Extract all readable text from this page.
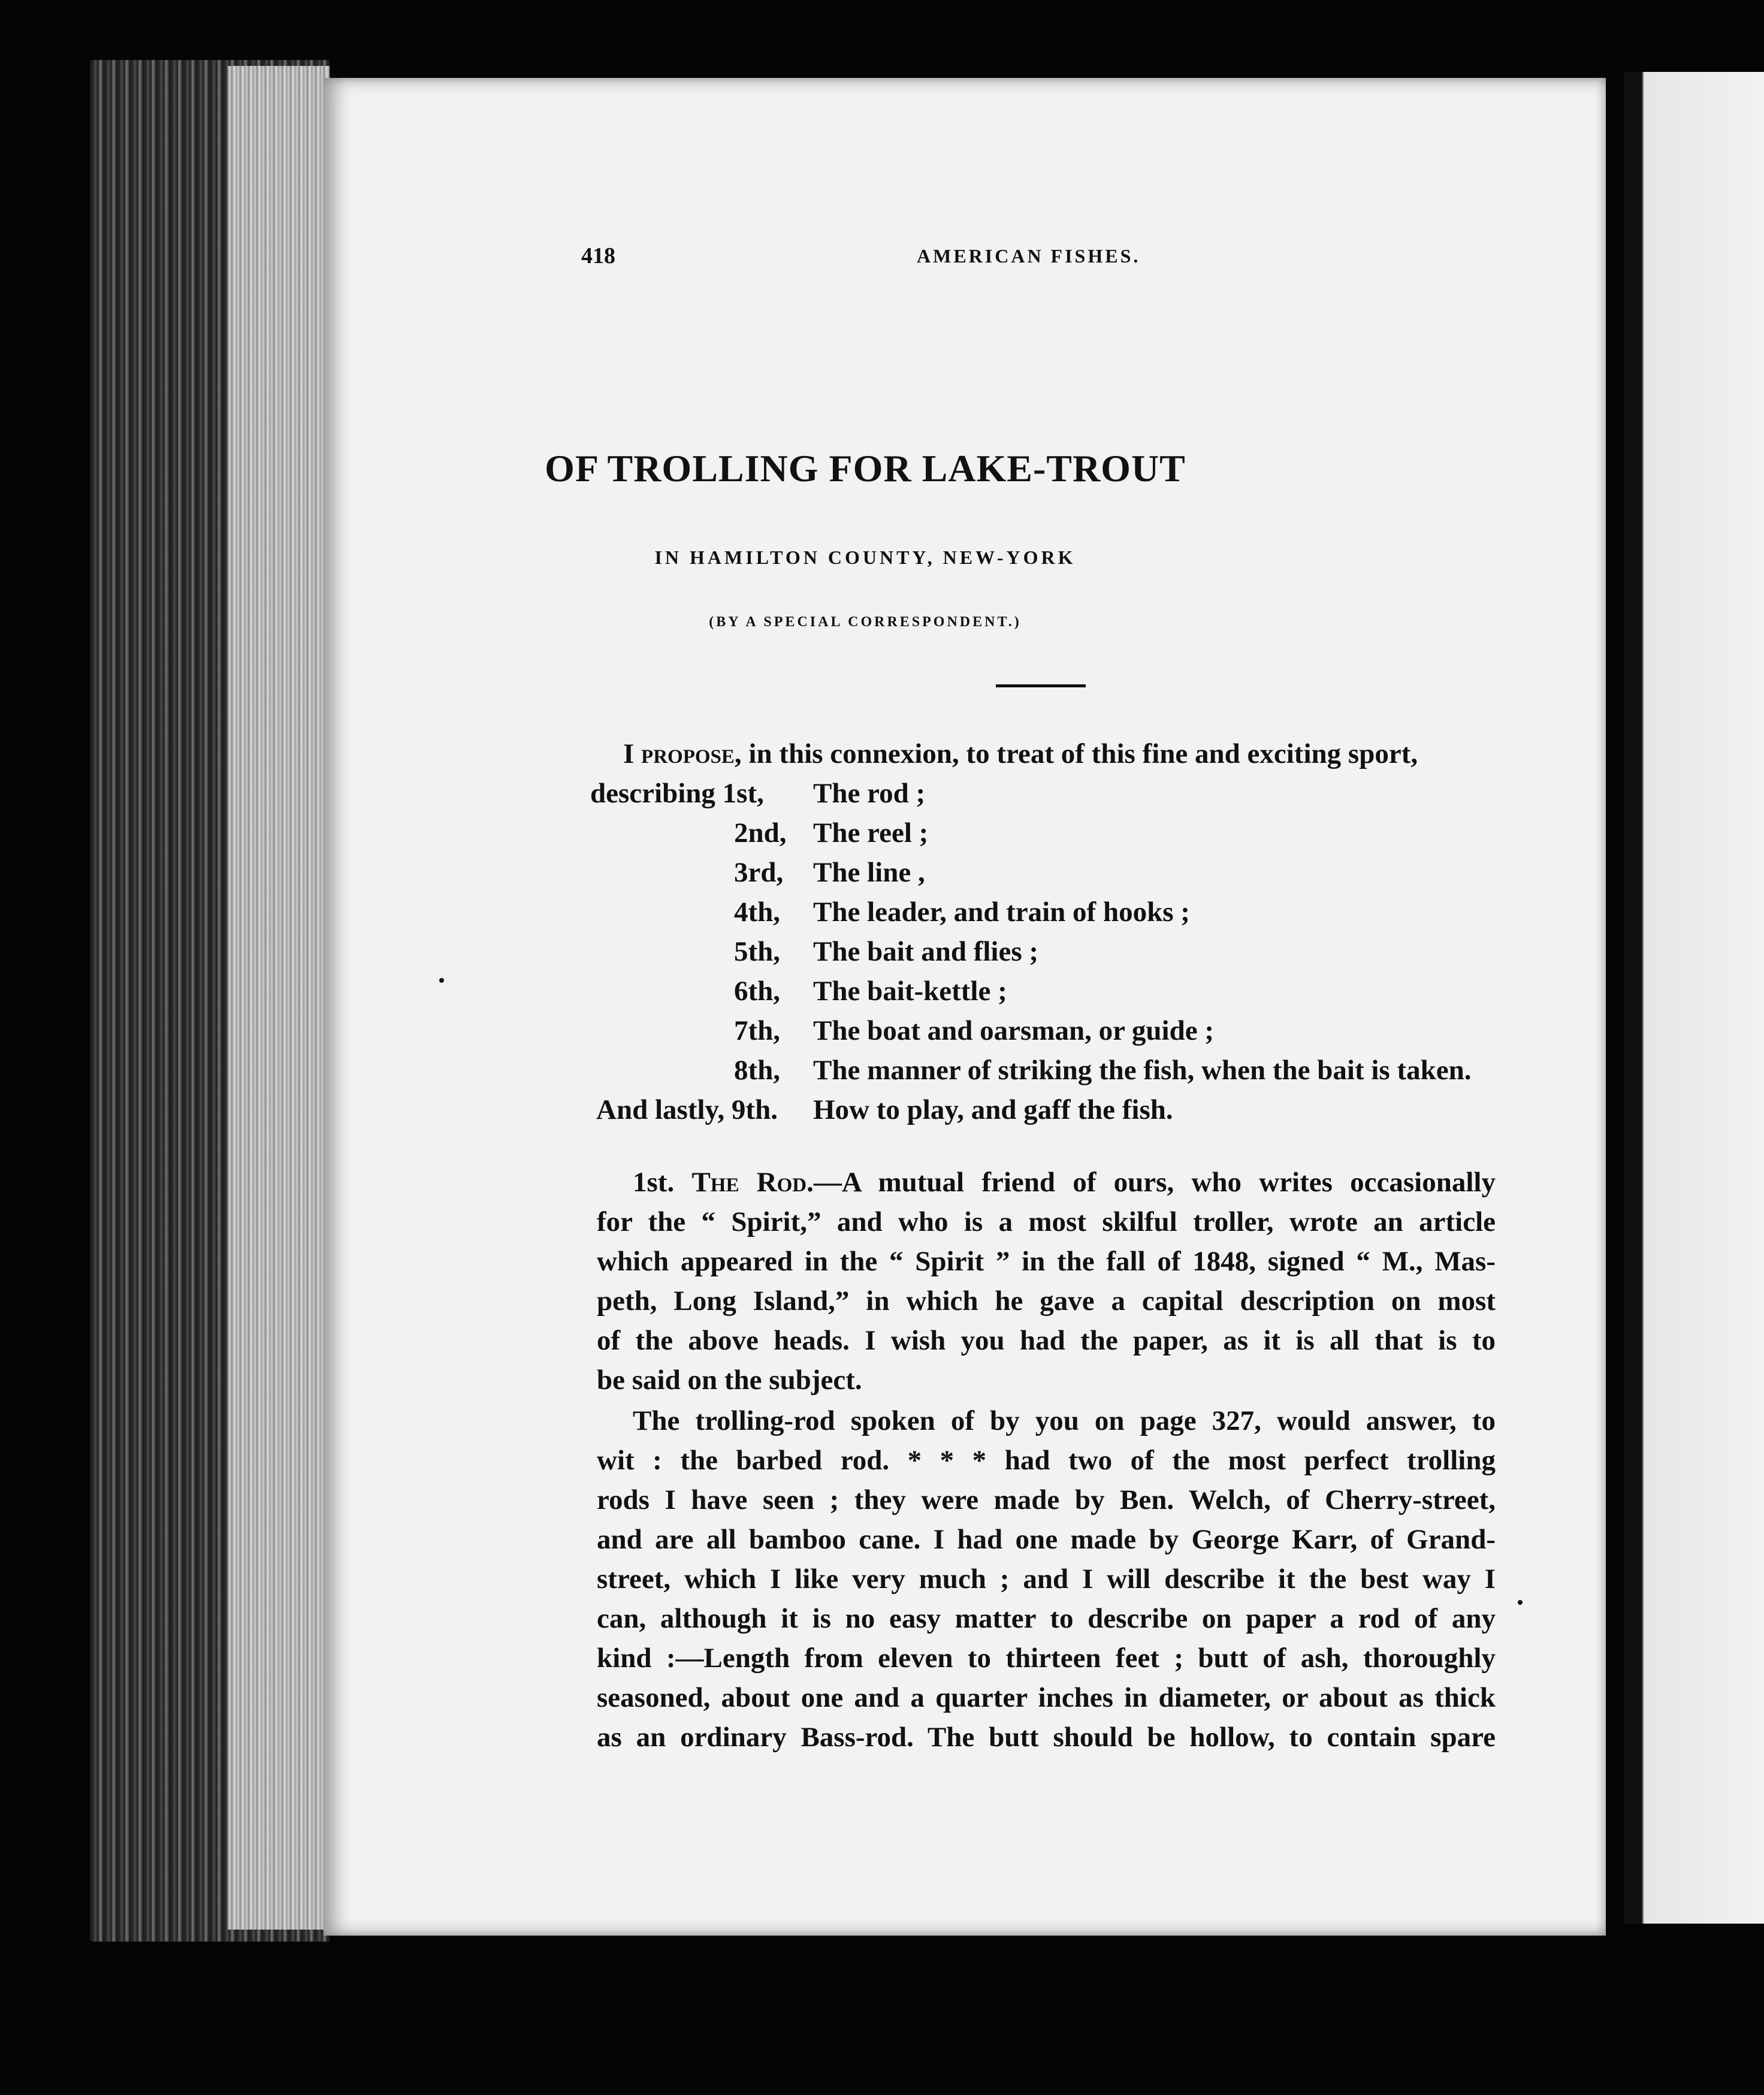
418	AMERICAN FISHES.
OF TROLLING FOR LAKE-TROUT
IN HAMILTON COUNTY, NEW-YORK
(BY A SPECIAL CORRESPONDENT.)
I propose, in this connexion, to treat of this fine and exciting sport,
describing 1st, The rod ;
2nd, The reel ;
3rd, The line ,
4th, The leader, and train of hooks ;
5th, The bait and flies ;
6th, The bait-kettle ;
7th, The boat and oarsman, or guide ;
8th, The manner of striking the fish, when the bait is taken.
And lastly, 9th. How to play, and gaff the fish.
1st. The Rod.—A mutual friend of ours, who writes occasionally
for the “ Spirit,” and who is a most skilful troller, wrote an article
which appeared in the “ Spirit ” in the fall of 1848, signed “ M., Mas-
peth, Long Island,” in which he gave a capital description on most
of the above heads. I wish you had the paper, as it is all that is to
be said on the subject.
The trolling-rod spoken of by you on page 327, would answer, to
wit : the barbed rod. * * * had two of the most perfect trolling
rods I have seen ; they were made by Ben. Welch, of Cherry-street,
and are all bamboo cane. I had one made by George Karr, of Grand-
street, which I like very much ; and I will describe it the best way I
can, although it is no easy matter to describe on paper a rod of any
kind :—Length from eleven to thirteen feet ; butt of ash, thoroughly
seasoned, about one and a quarter inches in diameter, or about as thick
as an ordinary Bass-rod. The butt should be hollow, to contain spare
